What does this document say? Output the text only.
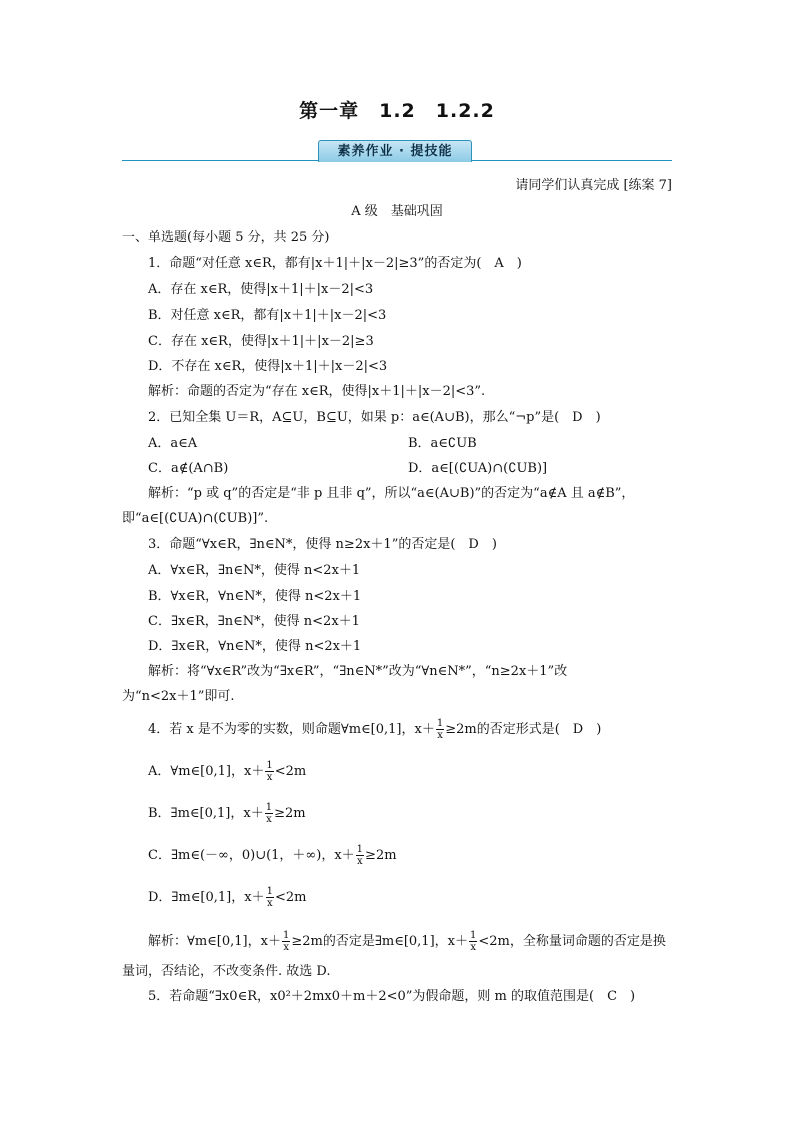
第一章　1.2　1.2.2
素养作业 · 提技能
请同学们认真完成 [练案 7]
A 级　基础巩固
一、单选题(每小题 5 分，共 25 分)
1．命题“对任意 x∈R，都有|x＋1|＋|x－2|≥3”的否定为(　A　)
A．存在 x∈R，使得|x＋1|＋|x－2|<3
B．对任意 x∈R，都有|x＋1|＋|x－2|<3
C．存在 x∈R，使得|x＋1|＋|x－2|≥3
D．不存在 x∈R，使得|x＋1|＋|x－2|<3
解析：命题的否定为“存在 x∈R，使得|x＋1|＋|x－2|<3”.
2．已知全集 U＝R，A⊆U，B⊆U，如果 p：a∈(A∪B)，那么“¬p”是(　D　)
A．a∈A	B．a∈∁UB
C．a∉(A∩B)	D．a∈[(∁UA)∩(∁UB)]
解析：“p 或 q”的否定是“非 p 且非 q”，所以“a∈(A∪B)”的否定为“a∉A 且 a∉B”，
即“a∈[(∁UA)∩(∁UB)]”.
3．命题“∀x∈R，∃n∈N*，使得 n≥2x＋1”的否定是(　D　)
A．∀x∈R，∃n∈N*，使得 n<2x＋1
B．∀x∈R，∀n∈N*，使得 n<2x＋1
C．∃x∈R，∃n∈N*，使得 n<2x＋1
D．∃x∈R，∀n∈N*，使得 n<2x＋1
解析：将“∀x∈R”改为“∃x∈R”，“∃n∈N*”改为“∀n∈N*”，“n≥2x＋1”改
为“n<2x＋1”即可.
4．若 x 是不为零的实数，则命题∀m∈[0,1]，$x+ \frac{1}{x} \ge 2m$的否定形式是(　D　)
A．∀m∈[0,1]，$x+ \frac{1}{x} <2m$
B．∃m∈[0,1]，$x+ \frac{1}{x} \ge 2m$
C．∃m∈(－∞，0)∪(1，＋∞)，$x+ \frac{1}{x} \ge 2m$
D．∃m∈[0,1]，$x+ \frac{1}{x} <2m$
解析：∀m∈[0,1]，$x+ \frac{1}{x} \ge 2m$的否定是∃m∈[0,1]，$x+ \frac{1}{x} <2m$，全称量词命题的否定是换
量词，否结论，不改变条件. 故选 D.
5．若命题“∃x0∈R，x0²＋2mx0＋m＋2<0”为假命题，则 m 的取值范围是(　C　)
